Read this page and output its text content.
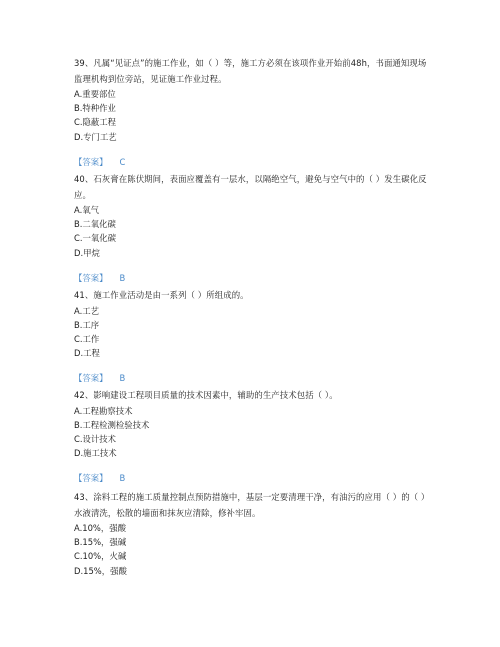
39、凡属“见证点”的施工作业，如（ ）等，施工方必须在该项作业开始前48h，书面通知现场监理机构到位旁站，见证施工作业过程。
A.重要部位
B.特种作业
C.隐蔽工程
D.专门工艺
【答案】 C
40、石灰膏在陈伏期间，表面应覆盖有一层水，以隔绝空气，避免与空气中的（ ）发生碳化反应。
A.氧气
B.二氧化碳
C.一氧化碳
D.甲烷
【答案】 B
41、施工作业活动是由一系列（ ）所组成的。
A.工艺
B.工序
C.工作
D.工程
【答案】 B
42、影响建设工程项目质量的技术因素中，辅助的生产技术包括（ ）。
A.工程勘察技术
B.工程检测检验技术
C.设计技术
D.施工技术
【答案】 B
43、涂料工程的施工质量控制点预防措施中，基层一定要清理干净，有油污的应用（ ）的（ ）水液清洗，松散的墙面和抹灰应清除，修补牢固。
A.10%，强酸
B.15%，强碱
C.10%，火碱
D.15%，强酸
